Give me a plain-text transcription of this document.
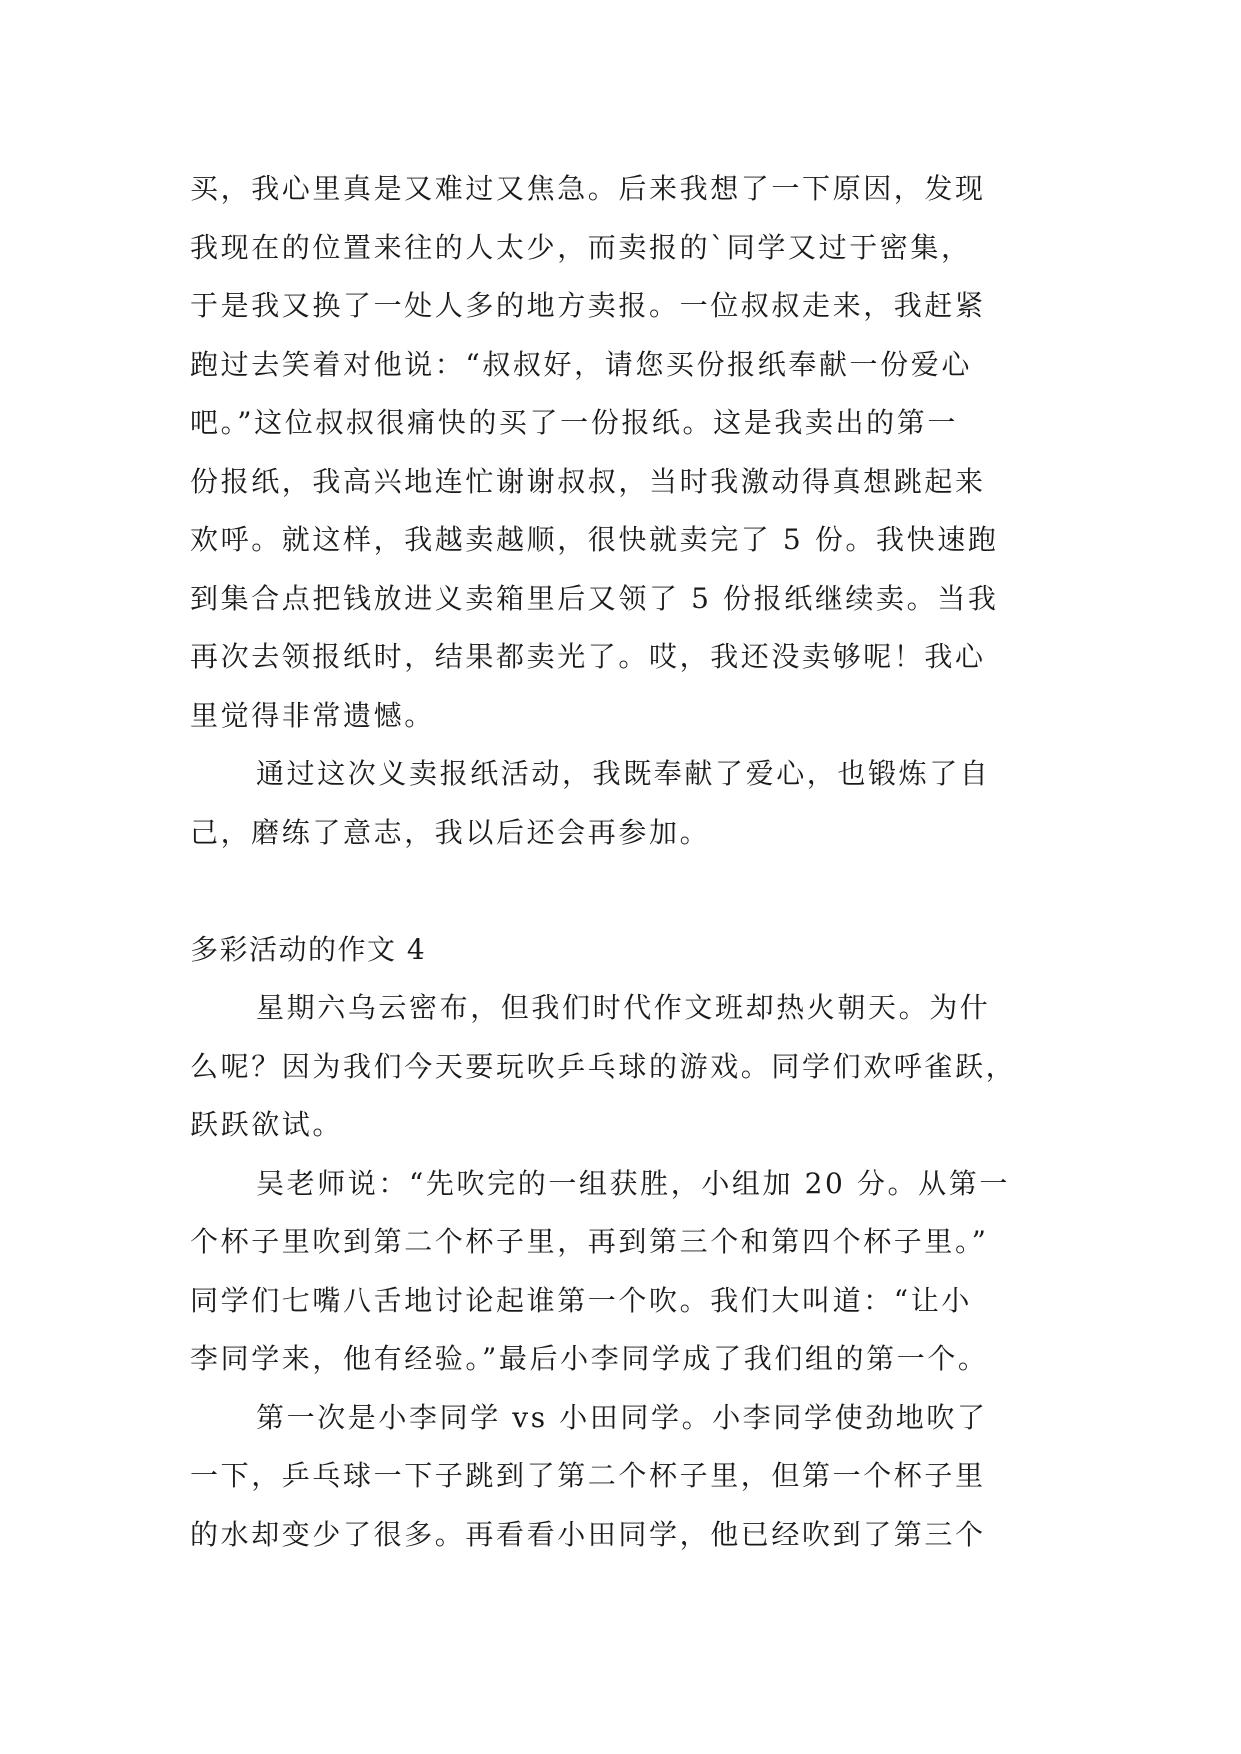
买，我心里真是又难过又焦急。后来我想了一下原因，发现
我现在的位置来往的人太少，而卖报的`同学又过于密集，
于是我又换了一处人多的地方卖报。一位叔叔走来，我赶紧
跑过去笑着对他说：“叔叔好，请您买份报纸奉献一份爱心
吧。”这位叔叔很痛快的买了一份报纸。这是我卖出的第一
份报纸，我高兴地连忙谢谢叔叔，当时我激动得真想跳起来
欢呼。就这样，我越卖越顺，很快就卖完了 5 份。我快速跑
到集合点把钱放进义卖箱里后又领了 5 份报纸继续卖。当我
再次去领报纸时，结果都卖光了。哎，我还没卖够呢！我心
里觉得非常遗憾。
通过这次义卖报纸活动，我既奉献了爱心，也锻炼了自
己，磨练了意志，我以后还会再参加。
多彩活动的作文 4
星期六乌云密布，但我们时代作文班却热火朝天。为什
么呢？因为我们今天要玩吹乒乓球的游戏。同学们欢呼雀跃，
跃跃欲试。
吴老师说：“先吹完的一组获胜，小组加 20 分。从第一
个杯子里吹到第二个杯子里，再到第三个和第四个杯子里。”
同学们七嘴八舌地讨论起谁第一个吹。我们大叫道：“让小
李同学来，他有经验。”最后小李同学成了我们组的第一个。
第一次是小李同学 vs 小田同学。小李同学使劲地吹了
一下，乒乓球一下子跳到了第二个杯子里，但第一个杯子里
的水却变少了很多。再看看小田同学，他已经吹到了第三个
